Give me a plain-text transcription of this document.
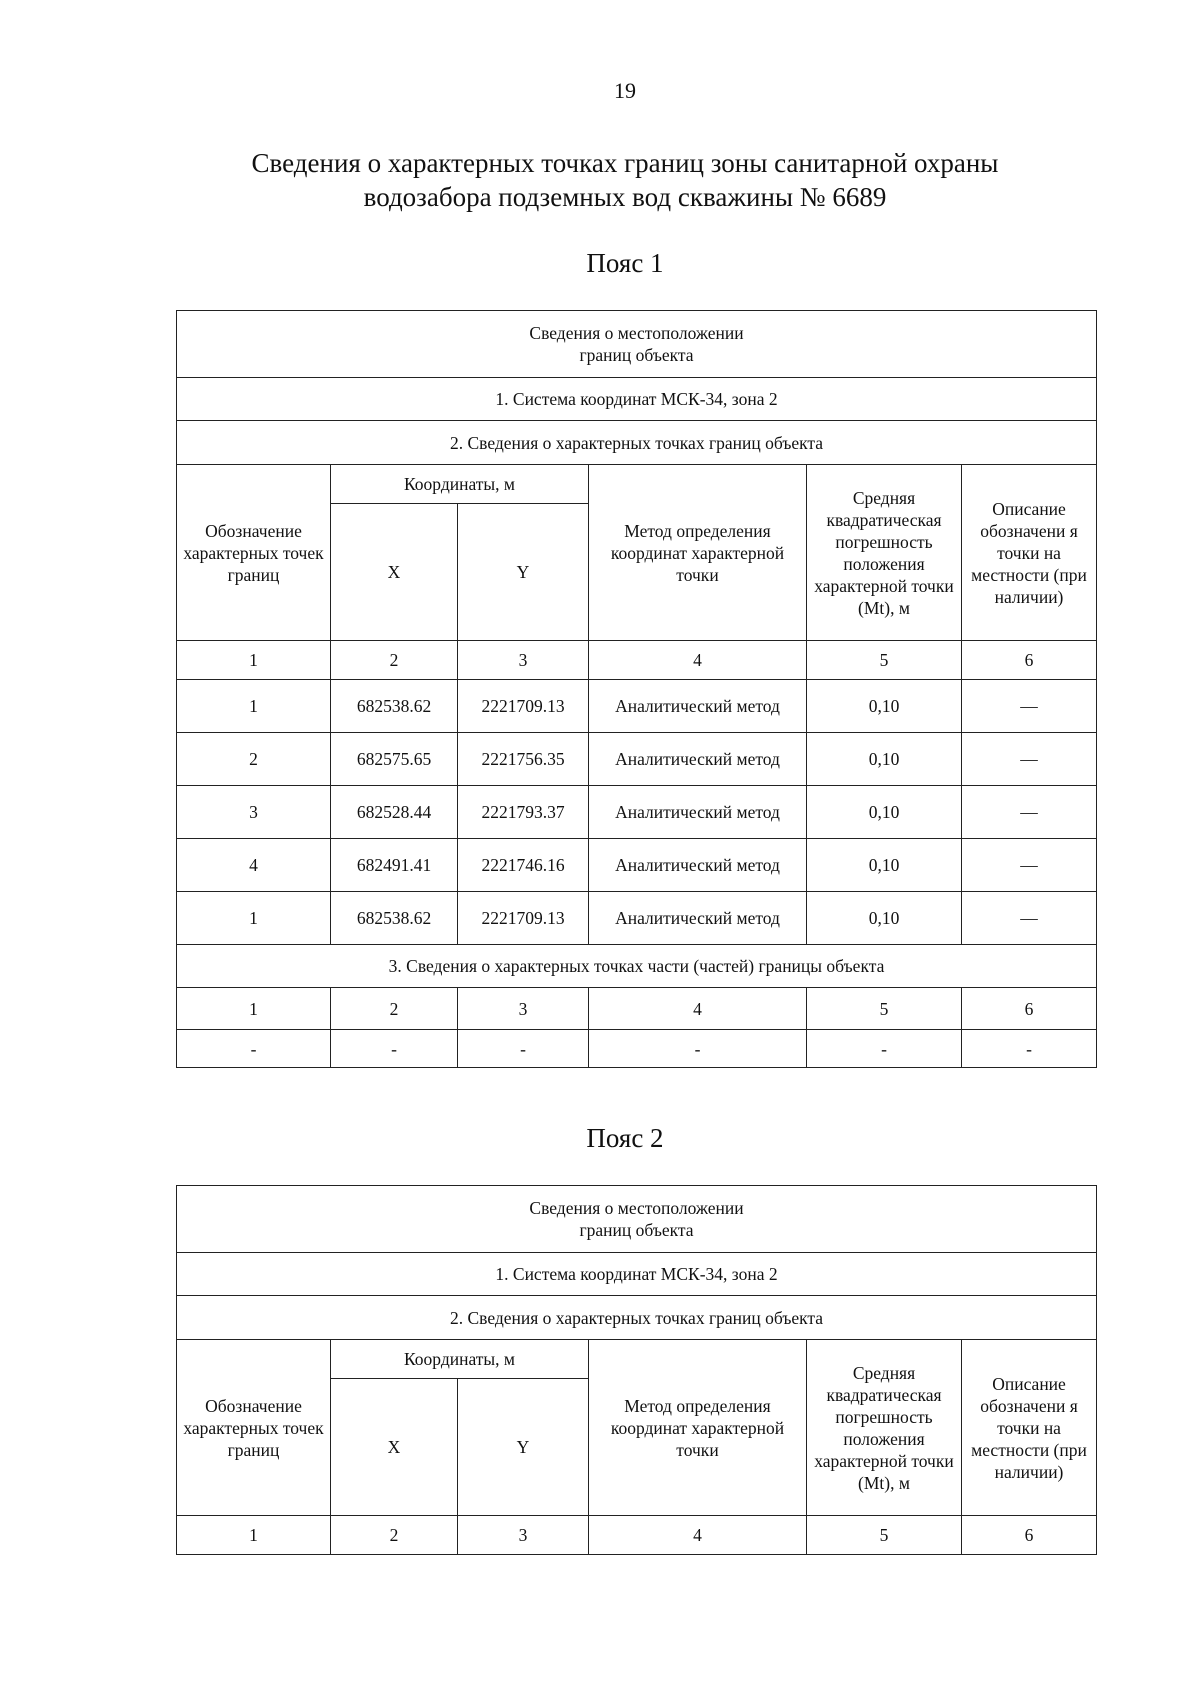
19
Сведения о характерных точках границ зоны санитарной охраны
водозабора подземных вод скважины № 6689
Пояс 1
Сведения о местоположении
границ объекта					

1. Система координат МСК-34, зона 2					
2. Сведения о характерных точках границ объекта					
Обозначение характерных точек границ	Координаты, м		Метод определения координат характерной точки	Средняя квадратическая погрешность положения характерной точки (Mt), м	Описание обозначени я точки на местности (при наличии)
	X	Y			
1	2	3	4	5	6
1	682538.62	2221709.13	Аналитический метод	0,10	—
2	682575.65	2221756.35	Аналитический метод	0,10	—
3	682528.44	2221793.37	Аналитический метод	0,10	—
4	682491.41	2221746.16	Аналитический метод	0,10	—
1	682538.62	2221709.13	Аналитический метод	0,10	—
3. Сведения о характерных точках части (частей) границы объекта					
1	2	3	4	5	6
-	-	-	-	-	-
Пояс 2
Сведения о местоположении
границ объекта					

1. Система координат МСК-34, зона 2					
2. Сведения о характерных точках границ объекта					
Обозначение характерных точек границ	Координаты, м		Метод определения координат характерной точки	Средняя квадратическая погрешность положения характерной точки (Mt), м	Описание обозначени я точки на местности (при наличии)
	X	Y			
1	2	3	4	5	6
